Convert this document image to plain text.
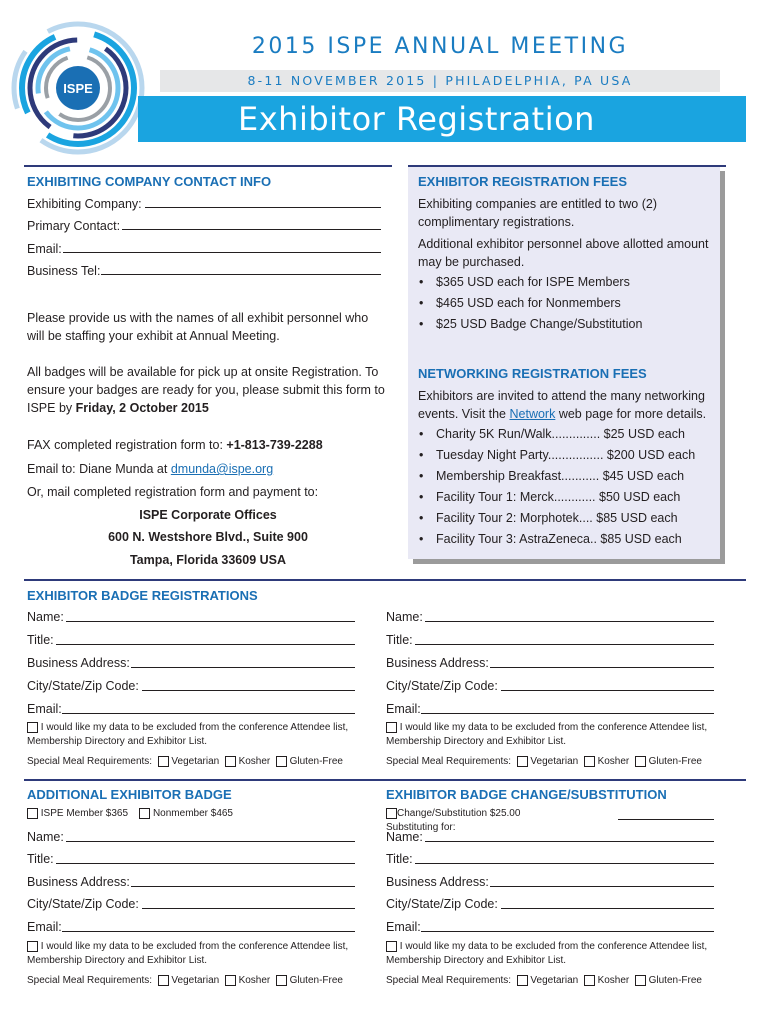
ISPE
2015 ISPE ANNUAL MEETING
8-11 NOVEMBER 2015 | PHILADELPHIA, PA USA
Exhibitor Registration
EXHIBITING COMPANY CONTACT INFO
Exhibiting Company:
Primary Contact:
Email:
Business Tel:
Please provide us with the names of all exhibit personnel who will be staffing your exhibit at Annual Meeting.
All badges will be available for pick up at onsite Registration. To ensure your badges are ready for you, please submit this form to ISPE by Friday, 2 October 2015
FAX completed registration form to: +1-813-739-2288
Email to: Diane Munda at dmunda@ispe.org
Or, mail completed registration form and payment to:
ISPE Corporate Offices
600 N. Westshore Blvd., Suite 900
Tampa, Florida 33609 USA
EXHIBITOR REGISTRATION FEES
Exhibiting companies are entitled to two (2) complimentary registrations.
Additional exhibitor personnel above allotted amount may be purchased.
• $365 USD each for ISPE Members
• $465 USD each for Nonmembers
• $25 USD Badge Change/Substitution
NETWORKING REGISTRATION FEES
Exhibitors are invited to attend the many networking events. Visit the Network web page for more details.
• Charity 5K Run/Walk.............. $25 USD each
• Tuesday Night Party................ $200 USD each
• Membership Breakfast........... $45 USD each
• Facility Tour 1: Merck............ $50 USD each
• Facility Tour 2: Morphotek.... $85 USD each
• Facility Tour 3: AstraZeneca.. $85 USD each
EXHIBITOR BADGE REGISTRATIONS
Name:
Title:
Business Address:
City/State/Zip Code:
Email:
I would like my data to be excluded from the conference Attendee list,
Membership Directory and Exhibitor List.
Special Meal Requirements: Vegetarian Kosher Gluten-Free
Name:
Title:
Business Address:
City/State/Zip Code:
Email:
I would like my data to be excluded from the conference Attendee list,
Membership Directory and Exhibitor List.
Special Meal Requirements: Vegetarian Kosher Gluten-Free
ADDITIONAL EXHIBITOR BADGE	EXHIBITOR BADGE CHANGE/SUBSTITUTION
ISPE Member $365 Nonmember $465	Change/Substitution $25.00     Substituting for:
Name:
Title:
Business Address:
City/State/Zip Code:
Email:
I would like my data to be excluded from the conference Attendee list,
Membership Directory and Exhibitor List.
Special Meal Requirements: Vegetarian Kosher Gluten-Free
Name:
Title:
Business Address:
City/State/Zip Code:
Email:
I would like my data to be excluded from the conference Attendee list,
Membership Directory and Exhibitor List.
Special Meal Requirements: Vegetarian Kosher Gluten-Free
